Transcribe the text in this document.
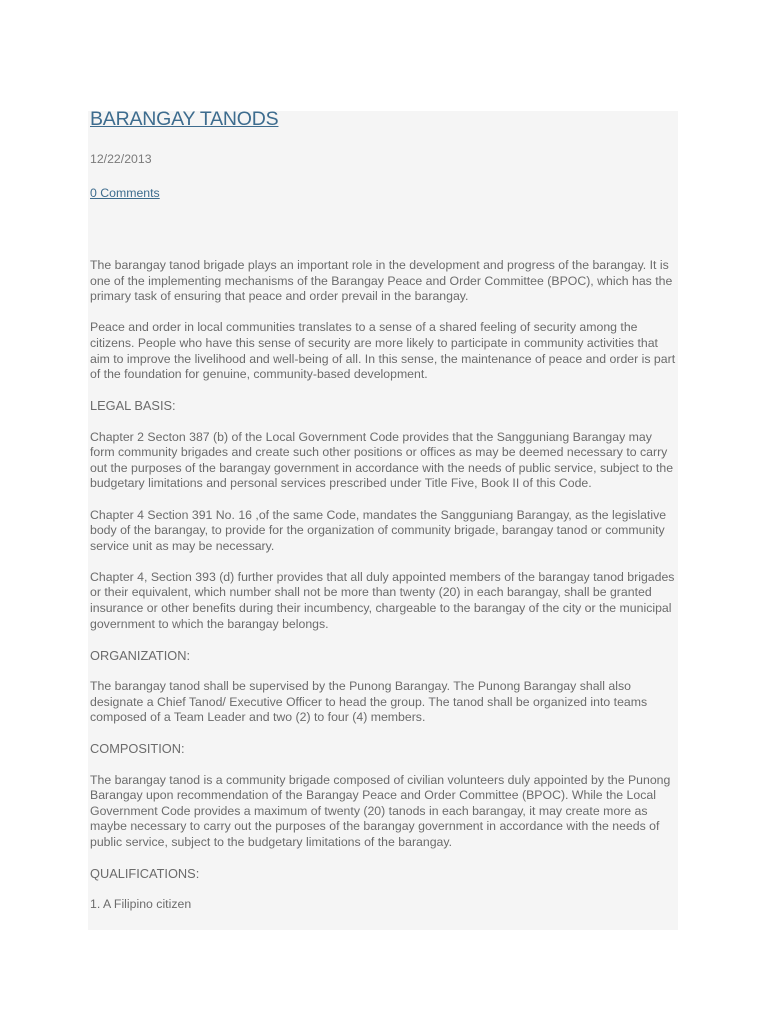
BARANGAY TANODS
12/22/2013
0 Comments

The barangay tanod brigade plays an important role in the development and progress of the barangay. It is one of the implementing mechanisms of the Barangay Peace and Order Committee (BPOC), which has the primary task of ensuring that peace and order prevail in the barangay.

Peace and order in local communities translates to a sense of a shared feeling of security among the citizens. People who have this sense of security are more likely to participate in community activities that aim to improve the livelihood and well-being of all. In this sense, the maintenance of peace and order is part of the foundation for genuine, community-based development.

LEGAL BASIS:

Chapter 2 Secton 387 (b) of the Local Government Code provides that the Sangguniang Barangay may form community brigades and create such other positions or offices as may be deemed necessary to carry out the purposes of the barangay government in accordance with the needs of public service, subject to the budgetary limitations and personal services prescribed under Title Five, Book II of this Code.

Chapter 4 Section 391 No. 16 ,of the same Code, mandates the Sangguniang Barangay, as the legislative body of the barangay, to provide for the organization of community brigade, barangay tanod or community service unit as may be necessary.

Chapter 4, Section 393 (d) further provides that all duly appointed members of the barangay tanod brigades or their equivalent, which number shall not be more than twenty (20) in each barangay, shall be granted insurance or other benefits during their incumbency, chargeable to the barangay of the city or the municipal government to which the barangay belongs.

ORGANIZATION:

The barangay tanod shall be supervised by the Punong Barangay. The Punong Barangay shall also designate a Chief Tanod/ Executive Officer to head the group. The tanod shall be organized into teams composed of a Team Leader and two (2) to four (4) members.

COMPOSITION:

The barangay tanod is a community brigade composed of civilian volunteers duly appointed by the Punong Barangay upon recommendation of the Barangay Peace and Order Committee (BPOC). While the Local Government Code provides a maximum of twenty (20) tanods in each barangay, it may create more as maybe necessary to carry out the purposes of the barangay government in accordance with the needs of public service, subject to the budgetary limitations of the barangay.

QUALIFICATIONS:

1. A Filipino citizen
